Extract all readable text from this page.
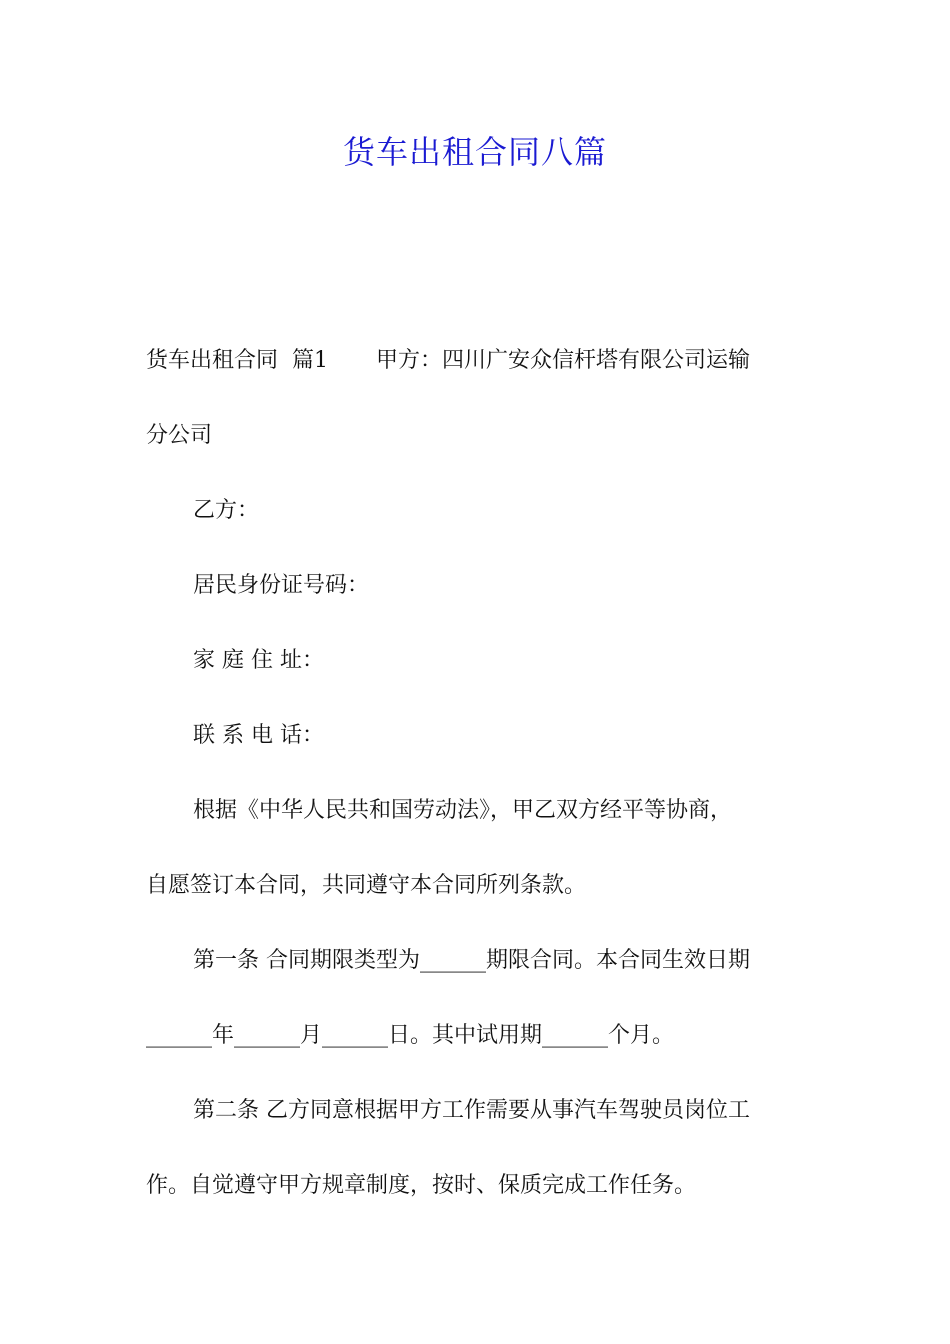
货车出租合同八篇
货车出租合同  篇1 甲方：四川广安众信杆塔有限公司运输
分公司
乙方：
居民身份证号码：
家 庭 住 址：
联 系 电 话：
根据《中华人民共和国劳动法》，甲乙双方经平等协商，
自愿签订本合同，共同遵守本合同所列条款。
第一条 合同期限类型为______期限合同。本合同生效日期
______年______月______日。其中试用期______个月。
第二条 乙方同意根据甲方工作需要从事汽车驾驶员岗位工
作。自觉遵守甲方规章制度，按时、保质完成工作任务。
